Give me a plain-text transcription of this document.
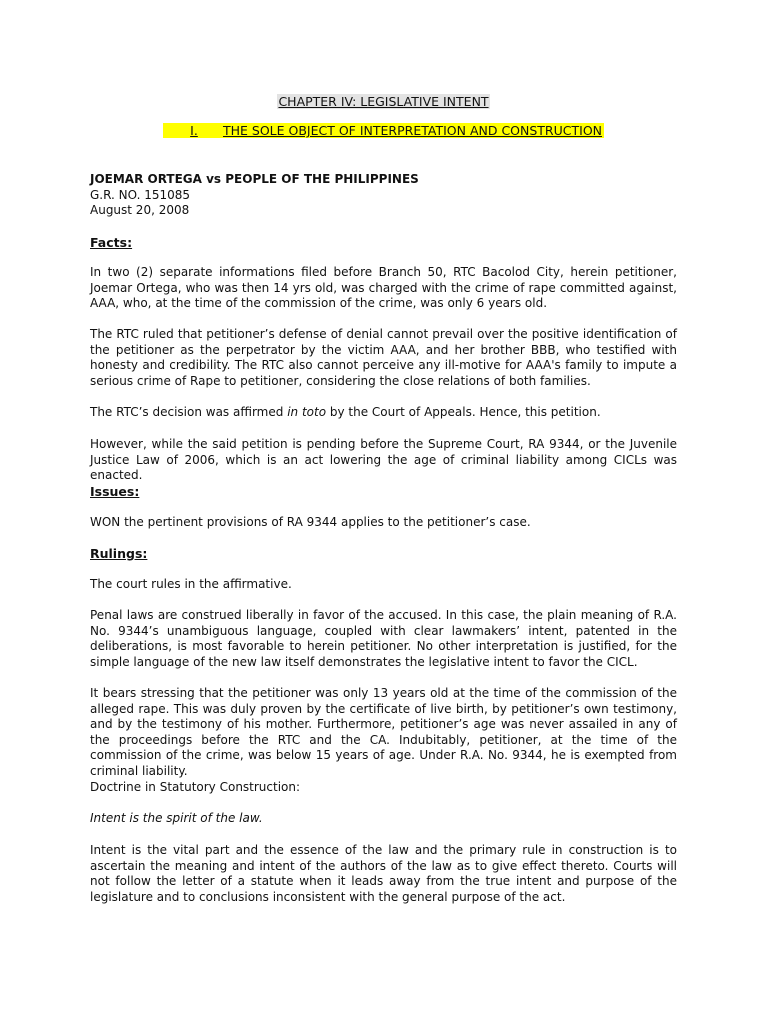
CHAPTER IV: LEGISLATIVE INTENT
I. THE SOLE OBJECT OF INTERPRETATION AND CONSTRUCTION
JOEMAR ORTEGA vs PEOPLE OF THE PHILIPPINES
G.R. NO. 151085
August 20, 2008
Facts:

In two (2) separate informations filed before Branch 50, RTC Bacolod City, herein petitioner, Joemar Ortega, who was then 14 yrs old, was charged with the crime of rape committed against, AAA, who, at the time of the commission of the crime, was only 6 years old.

The RTC ruled that petitioner’s defense of denial cannot prevail over the positive identification of the petitioner as the perpetrator by the victim AAA, and her brother BBB, who testified with honesty and credibility. The RTC also cannot perceive any ill-motive for AAA's family to impute a serious crime of Rape to petitioner, considering the close relations of both families.

The RTC’s decision was affirmed in toto by the Court of Appeals. Hence, this petition.

However, while the said petition is pending before the Supreme Court, RA 9344, or the Juvenile Justice Law of 2006, which is an act lowering the age of criminal liability among CICLs was enacted.

Issues:

WON the pertinent provisions of RA 9344 applies to the petitioner’s case.

Rulings:

The court rules in the affirmative.

Penal laws are construed liberally in favor of the accused. In this case, the plain meaning of R.A. No. 9344’s unambiguous language, coupled with clear lawmakers’ intent, patented in the deliberations, is most favorable to herein petitioner. No other interpretation is justified, for the simple language of the new law itself demonstrates the legislative intent to favor the CICL.

It bears stressing that the petitioner was only 13 years old at the time of the commission of the alleged rape. This was duly proven by the certificate of live birth, by petitioner’s own testimony, and by the testimony of his mother. Furthermore, petitioner’s age was never assailed in any of the proceedings before the RTC and the CA. Indubitably, petitioner, at the time of the commission of the crime, was below 15 years of age. Under R.A. No. 9344, he is exempted from criminal liability.

Doctrine in Statutory Construction:

Intent is the spirit of the law.

Intent is the vital part and the essence of the law and the primary rule in construction is to ascertain the meaning and intent of the authors of the law as to give effect thereto. Courts will not follow the letter of a statute when it leads away from the true intent and purpose of the legislature and to conclusions inconsistent with the general purpose of the act.
